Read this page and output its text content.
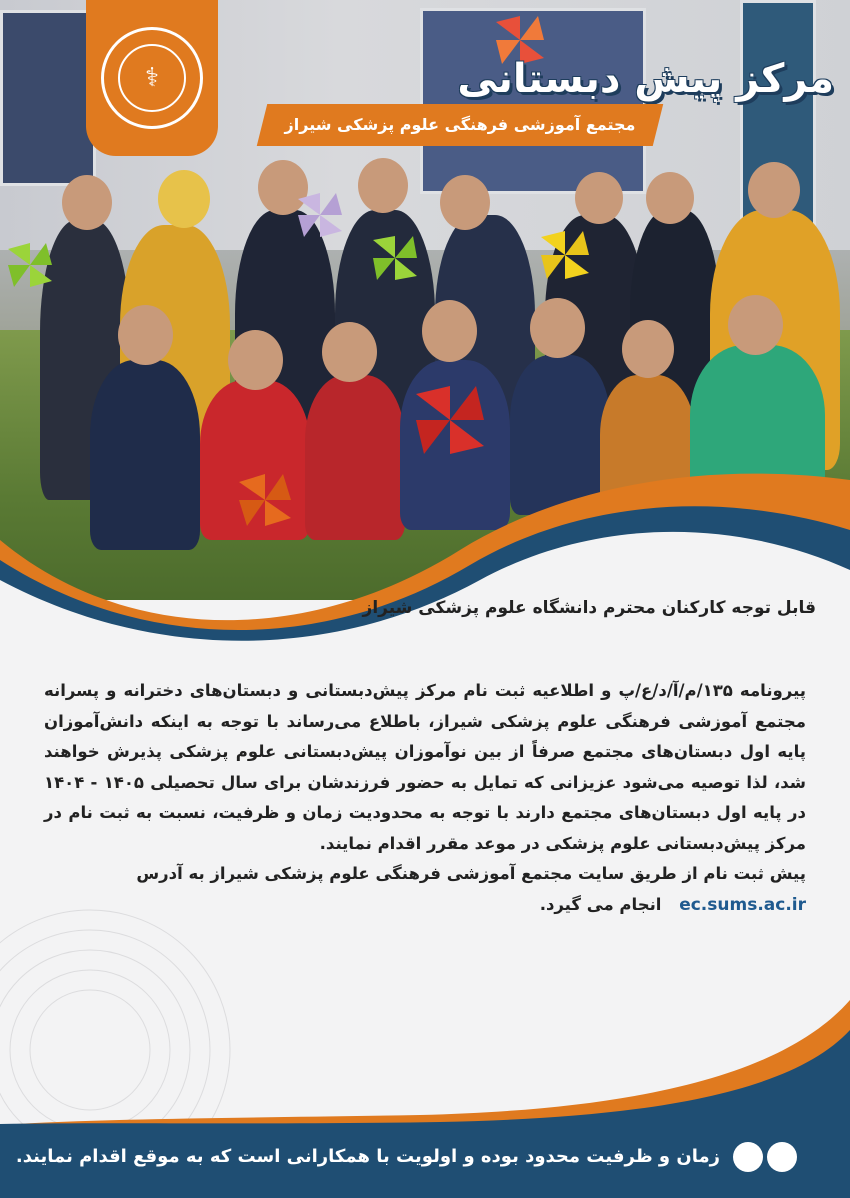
⚕	مرکز پیش دبستانی
مجتمع آموزشی فرهنگی علوم پزشکی شیراز
قابل توجه کارکنان محترم دانشگاه علوم پزشکی شیراز

پیرونامه ۱۳۵/م/آ/د/ع/پ و اطلاعیه ثبت نام مرکز پیش‌دبستانی و دبستان‌های دخترانه و پسرانه مجتمع آموزشی فرهنگی علوم پزشکی شیراز، باطلاع می‌رساند با توجه به اینکه دانش‌آموزان پایه اول دبستان‌های مجتمع صرفاً از بین نوآموزان پیش‌دبستانی علوم پزشکی پذیرش خواهند شد، لذا توصیه می‌شود عزیزانی که تمایل به حضور فرزندشان برای سال تحصیلی ۱۴۰۵ - ۱۴۰۴ در پایه اول دبستان‌های مجتمع دارند با توجه به محدودیت زمان و ظرفیت، نسبت به ثبت نام در مرکز پیش‌دبستانی علوم پزشکی در موعد مقرر اقدام نمایند.

پیش ثبت نام از طریق سایت مجتمع آموزشی فرهنگی علوم پزشکی شیراز به آدرس
ec.sums.ac.ir انجام می گیرد.

زمان و ظرفیت محدود بوده و اولویت با همکارانی است که به موقع اقدام نمایند.
